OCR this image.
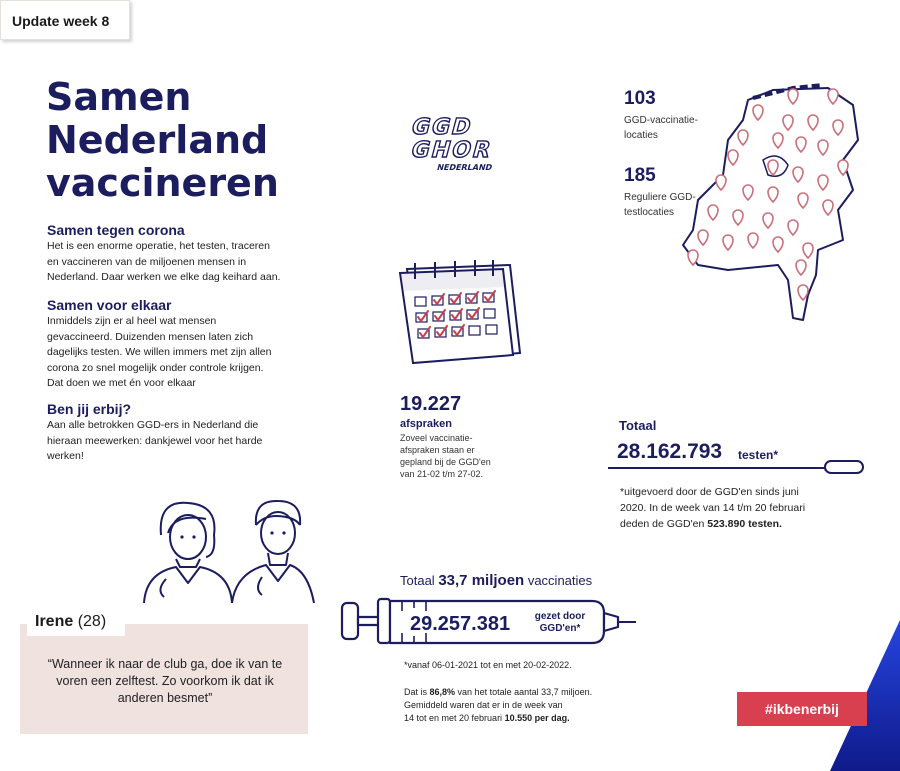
Update week 8
Samen
Nederland
vaccineren
Samen tegen corona

Het is een enorme operatie, het testen, traceren
en vaccineren van de miljoenen mensen in
Nederland. Daar werken we elke dag keihard aan.

Samen voor elkaar

Inmiddels zijn er al heel wat mensen
gevaccineerd. Duizenden mensen laten zich
dagelijks testen. We willen immers met zijn allen
corona zo snel mogelijk onder controle krijgen.
Dat doen we met én voor elkaar

Ben jij erbij?

Aan alle betrokken GGD-ers in Nederland die
hieraan meewerken: dankjewel voor het harde
werken!

GGD
GHOR
NEDERLAND
103
GGD-vaccinatie-
locaties
185
Reguliere GGD-
testlocaties
19.227
afspraken
Zoveel vaccinatie-
afspraken staan er
gepland bij de GGD'en
van 21-02 t/m 27-02.
Totaal
28.162.793 testen*
*uitgevoerd door de GGD'en sinds juni
2020. In de week van 14 t/m 20 februari
deden de GGD'en 523.890 testen.
Irene (28)
“Wanneer ik naar de club ga, doe ik van te
voren een zelftest. Zo voorkom ik dat ik
anderen besmet”
Totaal 33,7 miljoen vaccinaties
29.257.381	gezet door
GGD'en*
*vanaf 06-01-2021 tot en met 20-02-2022.
Dat is 86,8% van het totale aantal 33,7 miljoen.
Gemiddeld waren dat er in de week van
14 tot en met 20 februari 10.550 per dag.
#ikbenerbij
